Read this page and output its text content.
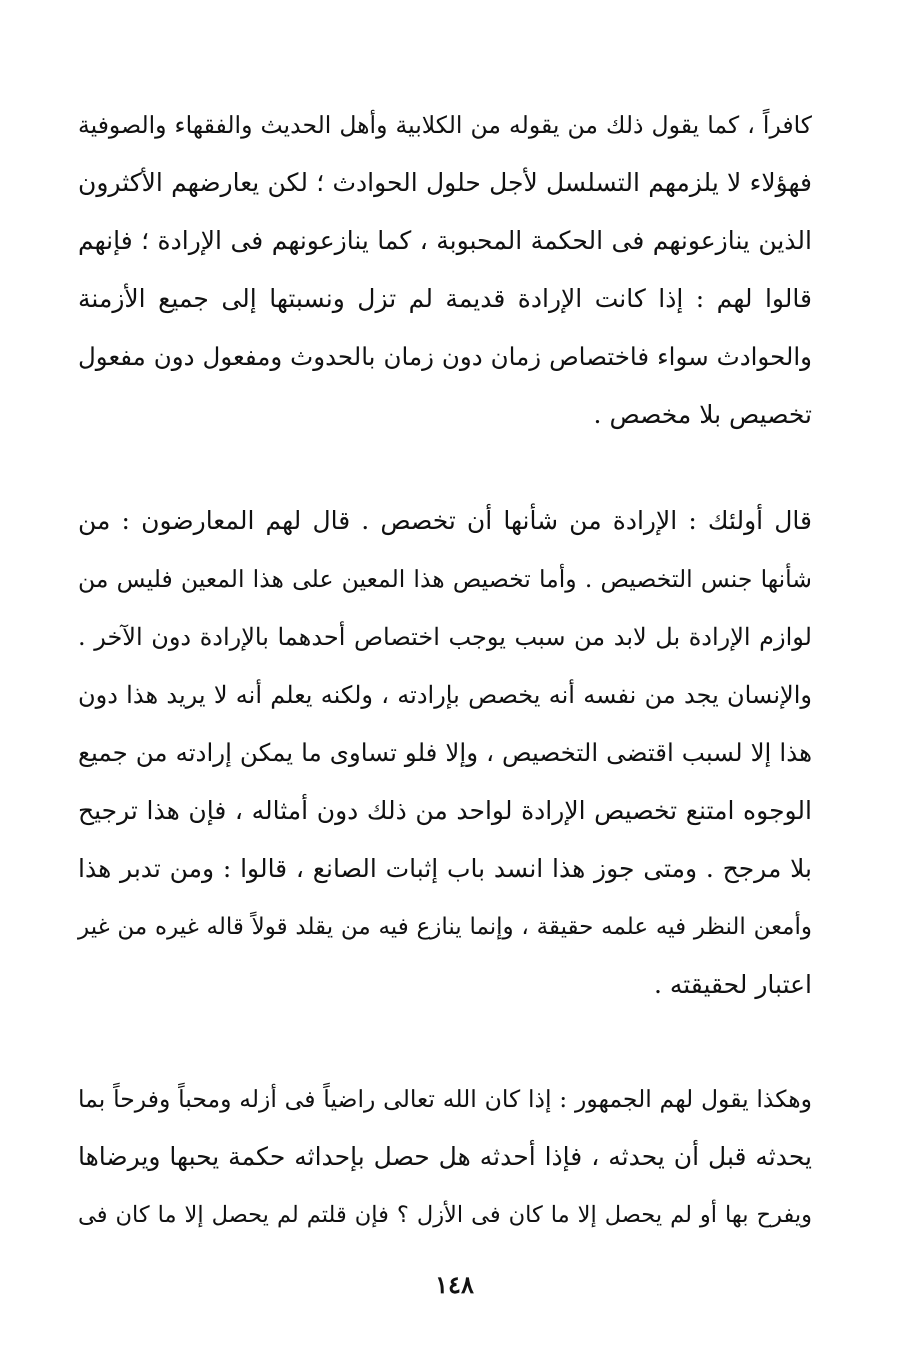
كافراً ، كما يقول ذلك من يقوله من الكلابية وأهل الحديث والفقهاء والصوفية
فهؤلاء لا يلزمهم التسلسل لأجل حلول الحوادث ؛ لكن يعارضهم الأكثرون
الذين ينازعونهم فى الحكمة المحبوبة ، كما ينازعونهم فى الإرادة ؛ فإنهم
قالوا لهم : إذا كانت الإرادة قديمة لم تزل ونسبتها إلى جميع الأزمنة
والحوادث سواء فاختصاص زمان دون زمان بالحدوث ومفعول دون مفعول
تخصيص بلا مخصص .
قال أولئك : الإرادة من شأنها أن تخصص . قال لهم المعارضون : من
شأنها جنس التخصيص . وأما تخصيص هذا المعين على هذا المعين فليس من
لوازم الإرادة بل لابد من سبب يوجب اختصاص أحدهما بالإرادة دون الآخر .
والإنسان يجد من نفسه أنه يخصص بإرادته ، ولكنه يعلم أنه لا يريد هذا دون
هذا إلا لسبب اقتضى التخصيص ، وإلا فلو تساوى ما يمكن إرادته من جميع
الوجوه امتنع تخصيص الإرادة لواحد من ذلك دون أمثاله ، فإن هذا ترجيح
بلا مرجح . ومتى جوز هذا انسد باب إثبات الصانع ، قالوا : ومن تدبر هذا
وأمعن النظر فيه علمه حقيقة ، وإنما ينازع فيه من يقلد قولاً قاله غيره من غير
اعتبار لحقيقته .
وهكذا يقول لهم الجمهور : إذا كان الله تعالى راضياً فى أزله ومحباً وفرحاً بما
يحدثه قبل أن يحدثه ، فإذا أحدثه هل حصل بإحداثه حكمة يحبها ويرضاها
ويفرح بها أو لم يحصل إلا ما كان فى الأزل ؟ فإن قلتم لم يحصل إلا ما كان فى
١٤٨
